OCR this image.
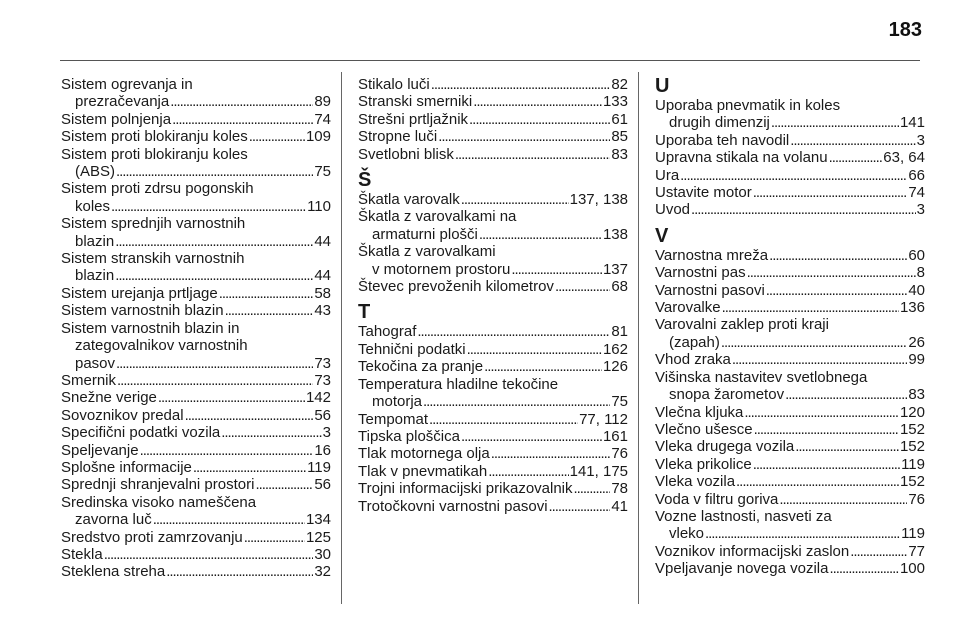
183
Sistem ogrevanja in
prezračevanja . . .	89
Sistem polnjenja . . .	74
Sistem proti blokiranju koles . . .	109
Sistem proti blokiranju koles
(ABS) . . .	75
Sistem proti zdrsu pogonskih
koles . . .	110
Sistem sprednjih varnostnih
blazin . . .	44
Sistem stranskih varnostnih
blazin . . .	44
Sistem urejanja prtljage . . .	58
Sistem varnostnih blazin . . .	43
Sistem varnostnih blazin in
zategovalnikov varnostnih
pasov . . .	73
Smernik . . .	73
Snežne verige . . .	142
Sovoznikov predal . . .	56
Specifični podatki vozila . . .	3
Speljevanje . . .	16
Splošne informacije . . .	119
Sprednji shranjevalni prostori . . .	56
Sredinska visoko nameščena
zavorna luč . . .	134
Sredstvo proti zamrzovanju . . .	125
Stekla . . .	30
Steklena streha . . .	32
Stikalo luči . . .	82
Stranski smerniki . . .	133
Strešni prtljažnik . . .	61
Stropne luči . . .	85
Svetlobni blisk . . .	83
Š
Škatla varovalk . . .	137, 138
Škatla z varovalkami na
armaturni plošči . . .	138
Škatla z varovalkami
v motornem prostoru . . .	137
Števec prevoženih kilometrov . . .	68
T
Tahograf . . .	81
Tehnični podatki . . .	162
Tekočina za pranje . . .	126
Temperatura hladilne tekočine
motorja . . .	75
Tempomat . . .	77, 112
Tipska ploščica . . .	161
Tlak motornega olja . . .	76
Tlak v pnevmatikah . . .	141, 175
Trojni informacijski prikazovalnik . . .	78
Trotočkovni varnostni pasovi . . .	41
U
Uporaba pnevmatik in koles
drugih dimenzij . . .	141
Uporaba teh navodil . . .	3
Upravna stikala na volanu . . .	63, 64
Ura . . .	66
Ustavite motor . . .	74
Uvod . . .	3
V
Varnostna mreža . . .	60
Varnostni pas . . .	8
Varnostni pasovi . . .	40
Varovalke . . .	136
Varovalni zaklep proti kraji
(zapah) . . .	26
Vhod zraka . . .	99
Višinska nastavitev svetlobnega
snopa žarometov . . .	83
Vlečna kljuka . . .	120
Vlečno ušesce . . .	152
Vleka drugega vozila . . .	152
Vleka prikolice . . .	119
Vleka vozila . . .	152
Voda v filtru goriva . . .	76
Vozne lastnosti, nasveti za
vleko . . .	119
Voznikov informacijski zaslon . . .	77
Vpeljavanje novega vozila . . .	100
